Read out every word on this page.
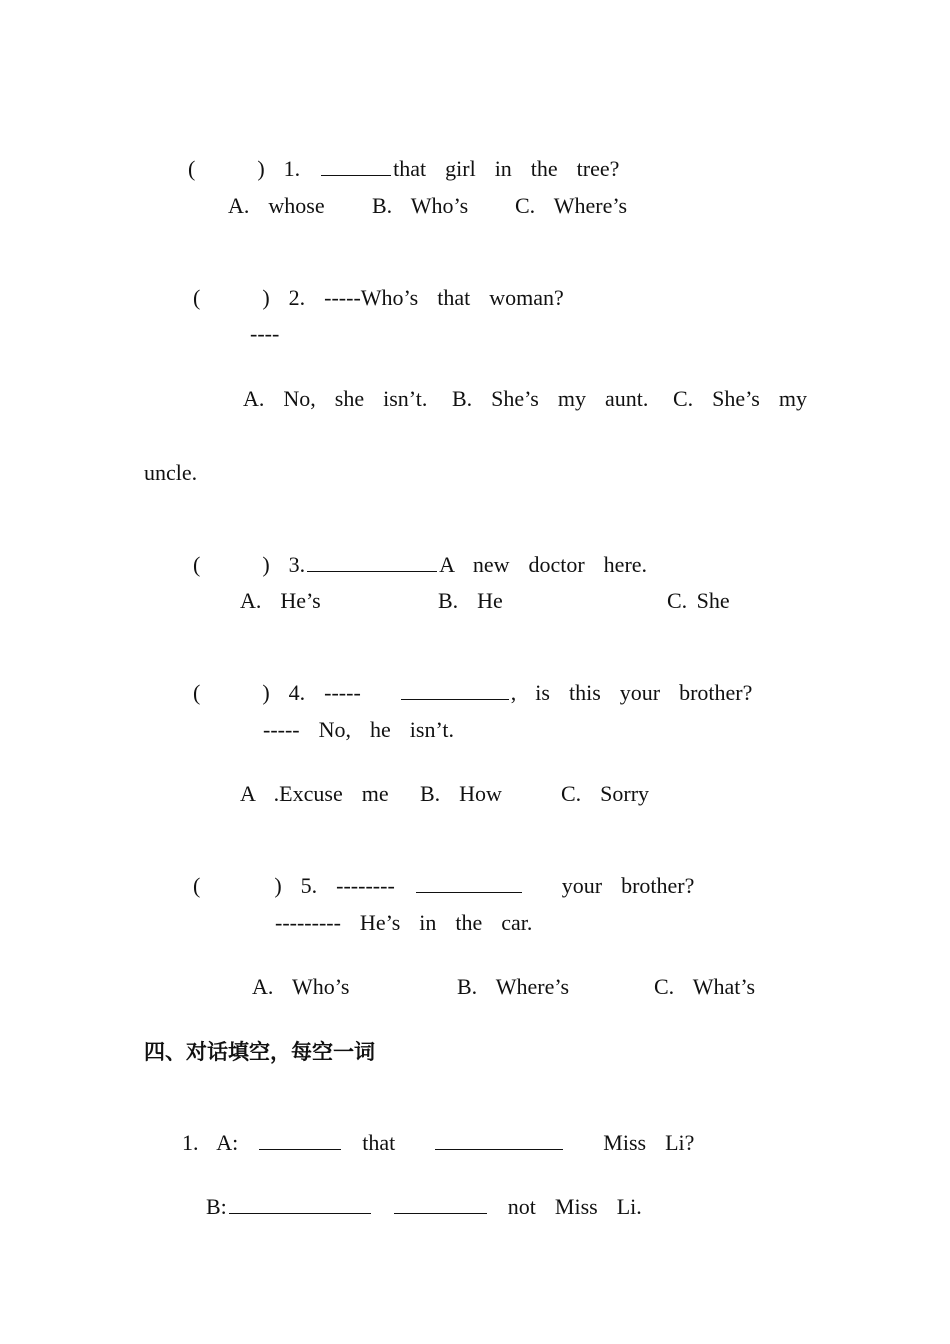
(	) 1.	that  girl  in  the  tree?

A.  whose B.  Who’s C.  Where’s

(	) 2. -----Who’s  that  woman?

----
A.  No,  she  isn’t. B.  She’s  my  aunt. C.  She’s  my
uncle.

(	) 3.	A  new  doctor  here.

A.  He’s	B.  He	C. She

(	) 4. -----	,  is  this  your  brother?

-----  No,  he  isn’t.
A  .Excuse  me B.  How	C.  Sorry

(	) 5. --------	your  brother?

---------  He’s  in  the  car.
A.  Who’s	B.  Where’s	C.  What’s
四、对话填空，每空一词

1.  A:	that	Miss  Li?

B:	not  Miss  Li.
